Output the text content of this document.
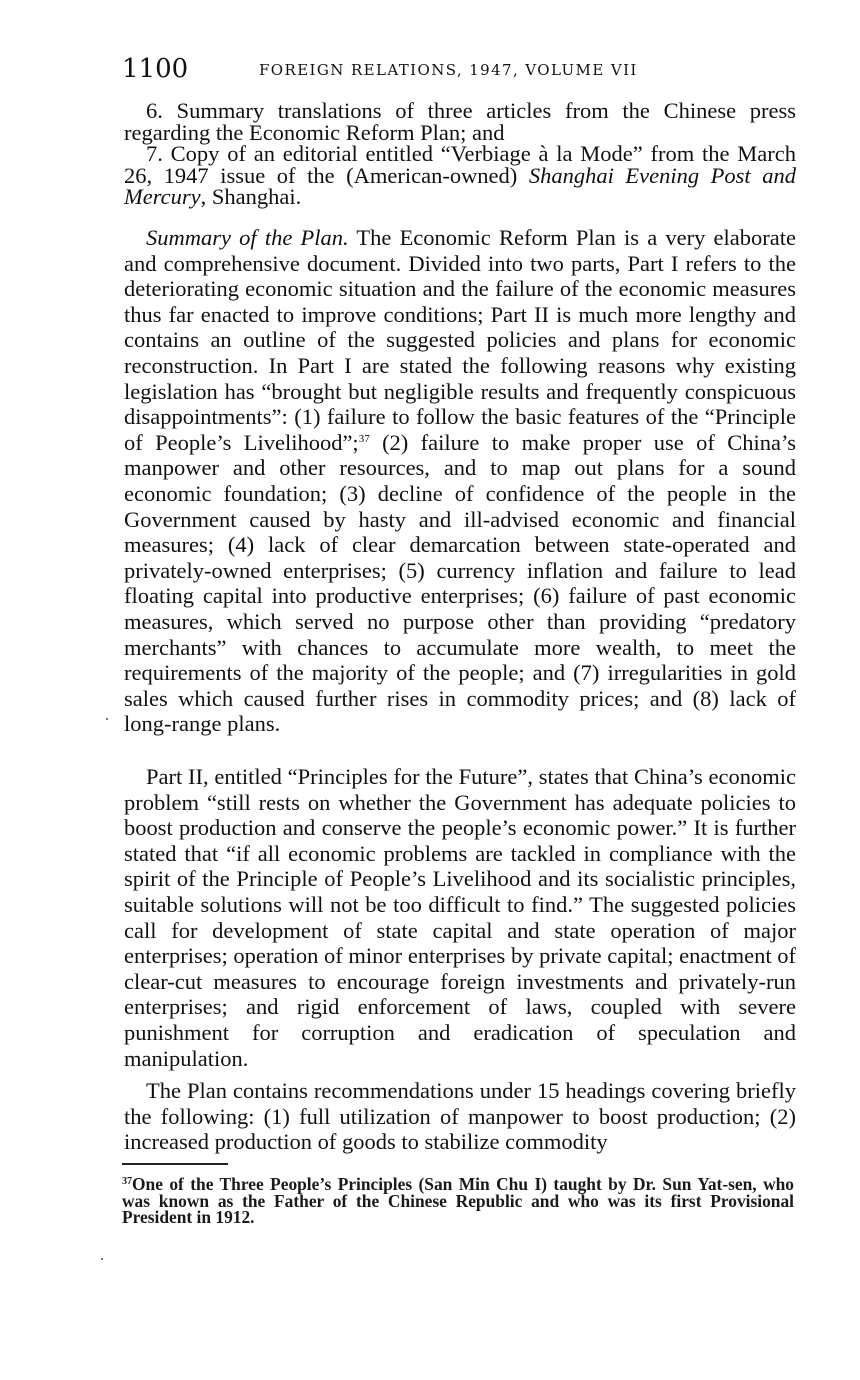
1100	FOREIGN RELATIONS, 1947, VOLUME VII

6. Summary translations of three articles from the Chinese press regarding the Economic Reform Plan; and

7. Copy of an editorial entitled “Verbiage à la Mode” from the March 26, 1947 issue of the (American-owned) Shanghai Evening Post and Mercury, Shanghai.

Summary of the Plan. The Economic Reform Plan is a very elaborate and comprehensive document. Divided into two parts, Part I refers to the deteriorating economic situation and the failure of the economic measures thus far enacted to improve conditions; Part II is much more lengthy and contains an outline of the suggested policies and plans for economic reconstruction. In Part I are stated the following reasons why existing legislation has “brought but negligible results and frequently conspicuous disappointments”: (1) failure to follow the basic features of the “Principle of People’s Livelihood”;$^{37}$ (2) failure to make proper use of China’s manpower and other resources, and to map out plans for a sound economic foundation; (3) decline of confidence of the people in the Government caused by hasty and ill-advised economic and financial measures; (4) lack of clear demarcation between state-operated and privately-owned enterprises; (5) currency inflation and failure to lead floating capital into productive enterprises; (6) failure of past economic measures, which served no purpose other than providing “predatory merchants” with chances to accumulate more wealth, to meet the requirements of the majority of the people; and (7) irregularities in gold sales which caused further rises in commodity prices; and (8) lack of long-range plans.

Part II, entitled “Principles for the Future”, states that China’s economic problem “still rests on whether the Government has adequate policies to boost production and conserve the people’s economic power.” It is further stated that “if all economic problems are tackled in compliance with the spirit of the Principle of People’s Livelihood and its socialistic principles, suitable solutions will not be too difficult to find.” The suggested policies call for development of state capital and state operation of major enterprises; operation of minor enterprises by private capital; enactment of clear-cut measures to encourage foreign investments and privately-run enterprises; and rigid enforcement of laws, coupled with severe punishment for corruption and eradication of speculation and manipulation.

The Plan contains recommendations under 15 headings covering briefly the following: (1) full utilization of manpower to boost production; (2) increased production of goods to stabilize commodity

$^{37}$One of the Three People’s Principles (San Min Chu I) taught by Dr. Sun Yat-sen, who was known as the Father of the Chinese Republic and who was its first Provisional President in 1912.
